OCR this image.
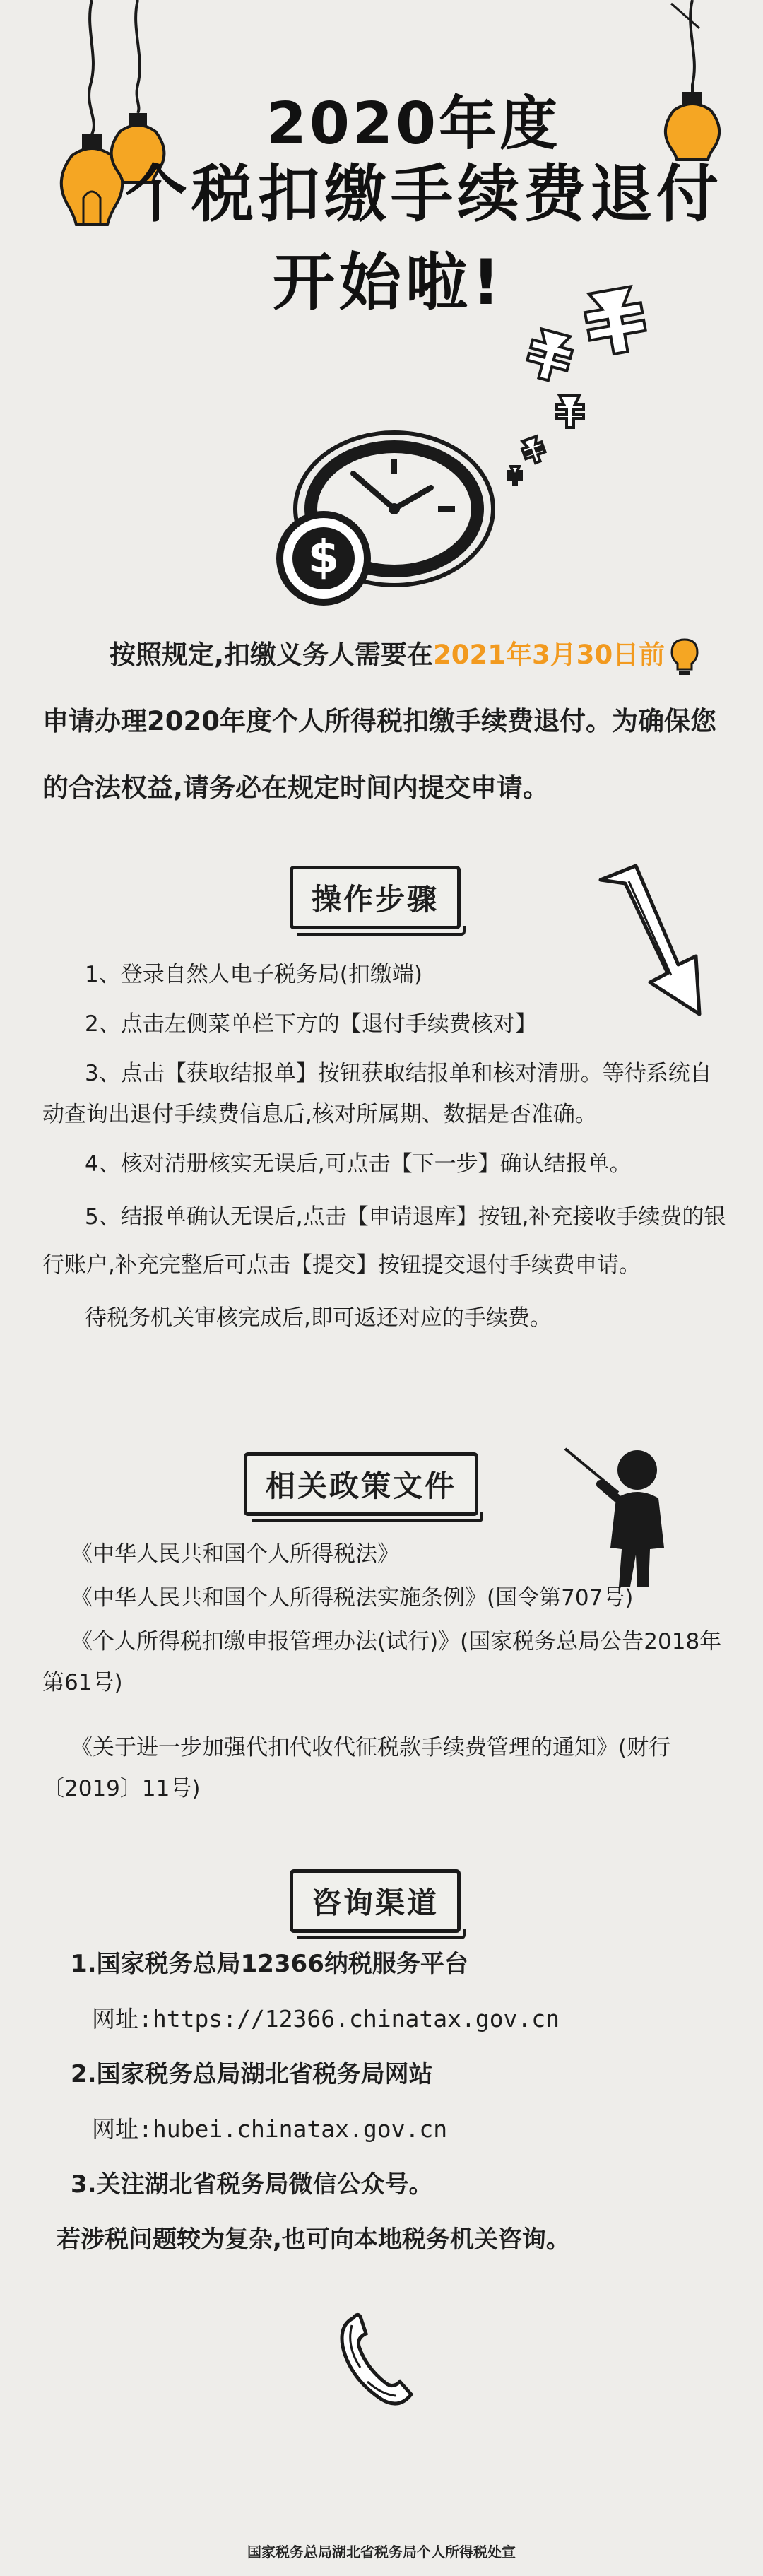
2020年度
个税扣缴手续费退付
开始啦!
$
按照规定,扣缴义务人需要在2021年3月30日前申请办理2020年度个人所得税扣缴手续费退付。为确保您的合法权益,请务必在规定时间内提交申请。
操作步骤

1、登录自然人电子税务局(扣缴端)

2、点击左侧菜单栏下方的【退付手续费核对】

3、点击【获取结报单】按钮获取结报单和核对清册。等待系统自动查询出退付手续费信息后,核对所属期、数据是否准确。

4、核对清册核实无误后,可点击【下一步】确认结报单。

5、结报单确认无误后,点击【申请退库】按钮,补充接收手续费的银行账户,补充完整后可点击【提交】按钮提交退付手续费申请。

待税务机关审核完成后,即可返还对应的手续费。

相关政策文件

《中华人民共和国个人所得税法》

《中华人民共和国个人所得税法实施条例》(国令第707号)

《个人所得税扣缴申报管理办法(试行)》(国家税务总局公告2018年第61号)

《关于进一步加强代扣代收代征税款手续费管理的通知》(财行〔2019〕11号)

咨询渠道
1.国家税务总局12366纳税服务平台
网址:https://12366.chinatax.gov.cn
2.国家税务总局湖北省税务局网站
网址:hubei.chinatax.gov.cn
3.关注湖北省税务局微信公众号。
若涉税问题较为复杂,也可向本地税务机关咨询。
国家税务总局湖北省税务局个人所得税处宣
